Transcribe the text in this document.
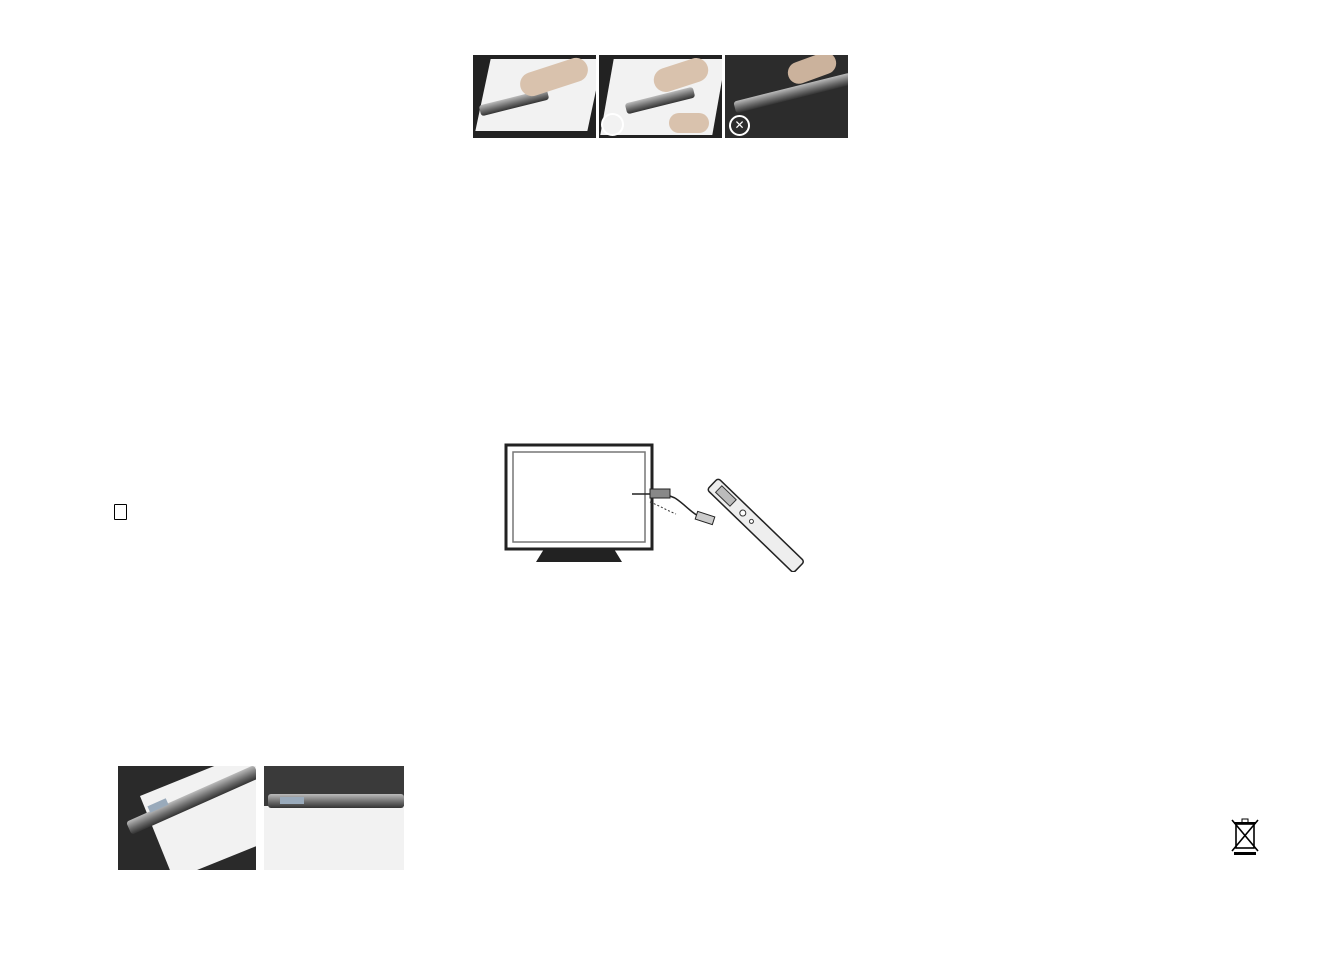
✕
